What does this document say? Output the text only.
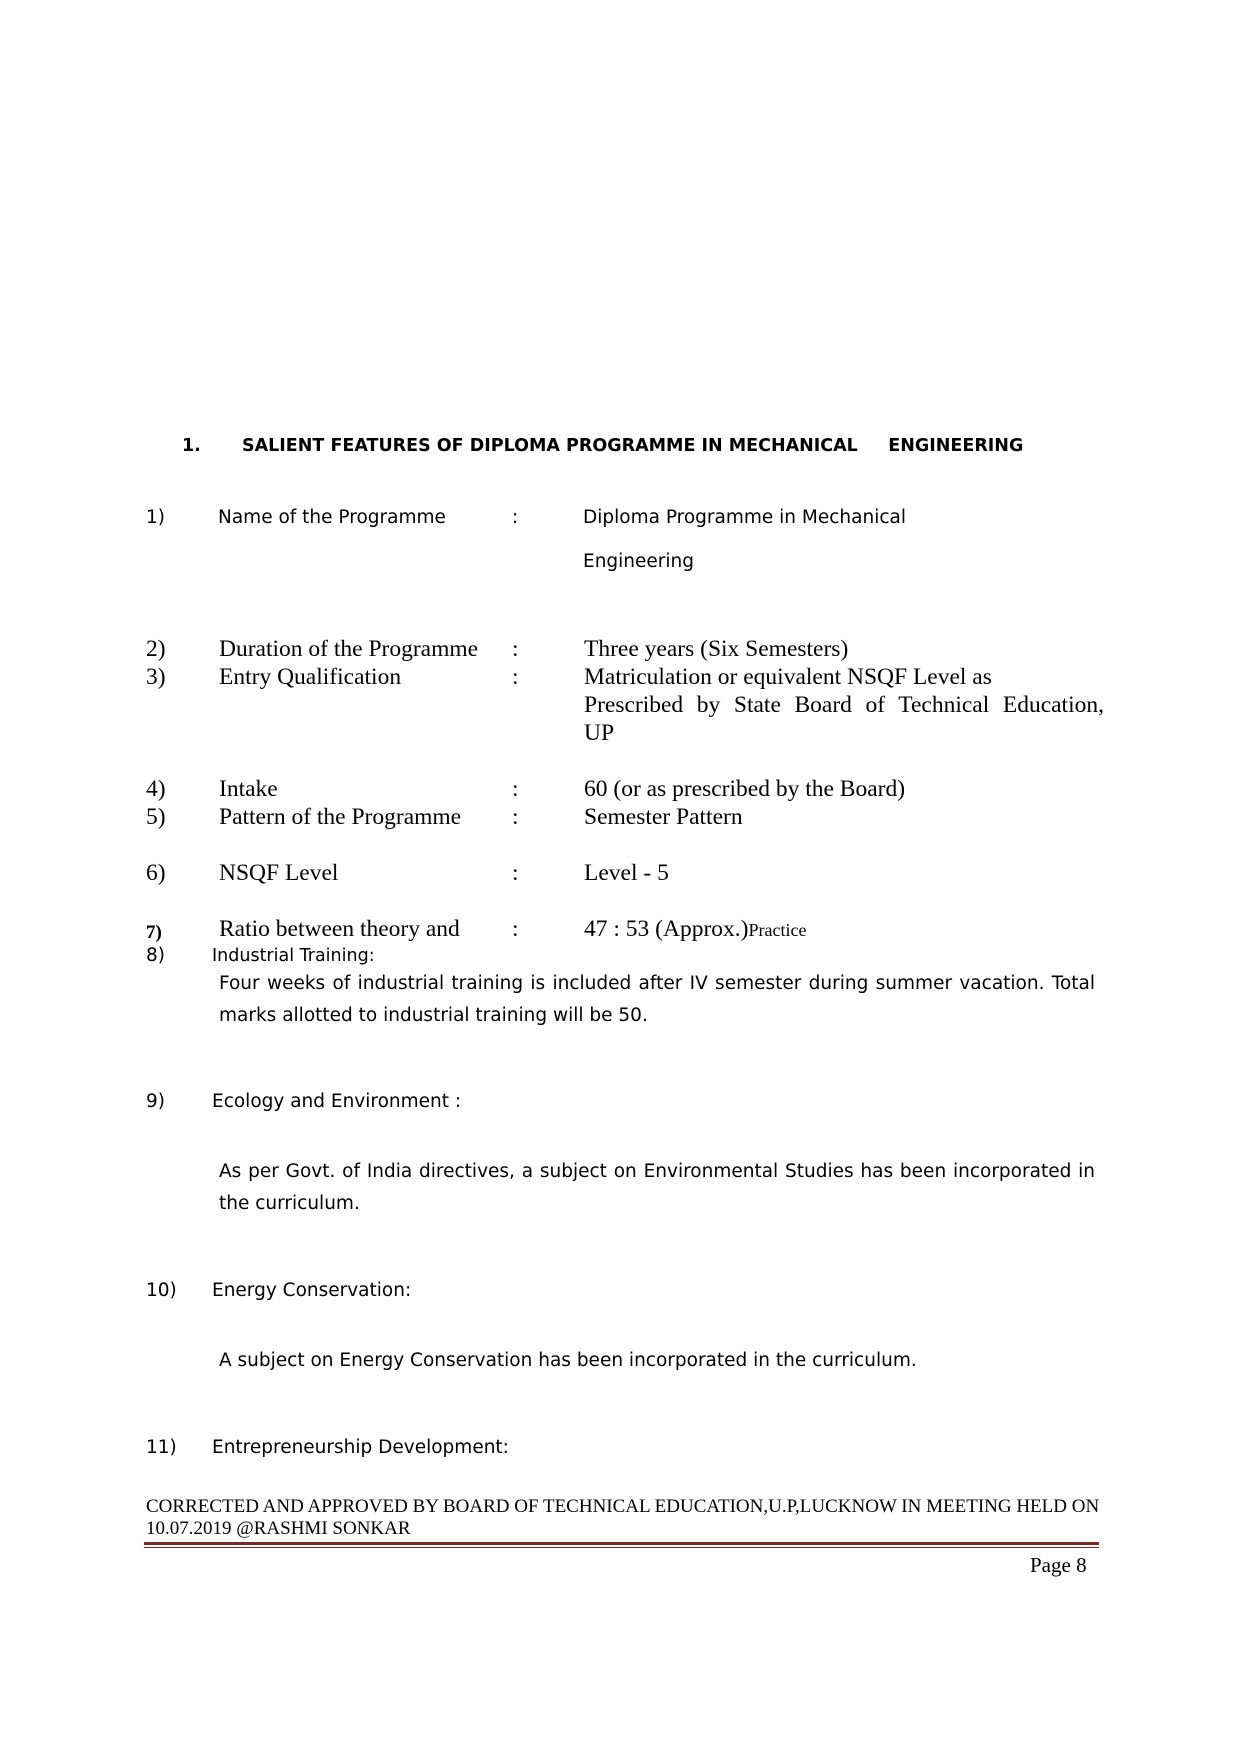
1. SALIENT FEATURES OF DIPLOMA PROGRAMME IN MECHANICAL     ENGINEERING
1)	Name of the Programme	:	Diploma Programme in Mechanical
Engineering
2) Duration of the Programme :	Three years (Six Semesters)
3) Entry Qualification	:	Matriculation or equivalent NSQF Level as
Prescribed by State Board of Technical Education,
UP
4) Intake	:	60 (or as prescribed by the Board)
5) Pattern of the Programme :	Semester Pattern
6) NSQF Level	:	Level - 5
7) Ratio between theory and :	47 : 53 (Approx.)Practice
8)	Industrial Training:
Four weeks of industrial training is included after IV semester during summer vacation. Total marks allotted to industrial training will be 50.
9)	Ecology and Environment :
As per Govt. of India directives, a subject on Environmental Studies has been incorporated in the curriculum.
10) Energy Conservation:
A subject on Energy Conservation has been incorporated in the curriculum.
11) Entrepreneurship Development:
CORRECTED AND APPROVED BY BOARD OF TECHNICAL EDUCATION,U.P,LUCKNOW IN MEETING HELD ON
10.07.2019 @RASHMI SONKAR
Page 8
